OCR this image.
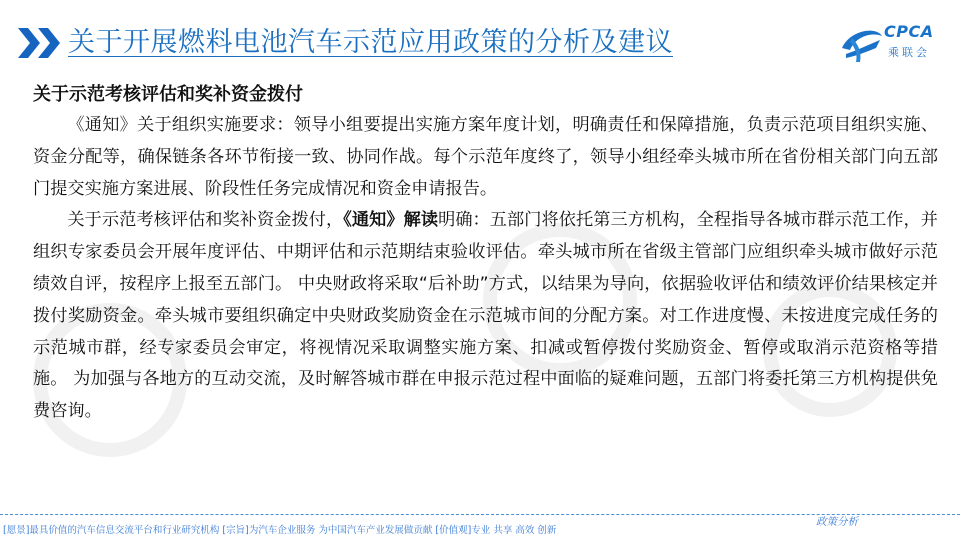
关于开展燃料电池汽车示范应用政策的分析及建议	CPCA
乘联会

关于示范考核评估和奖补资金拨付

《通知》关于组织实施要求：领导小组要提出实施方案年度计划，明确责任和保障措施，负责示范项目组织实施、资金分配等，确保链条各环节衔接一致、协同作战。每个示范年度终了，领导小组经牵头城市所在省份相关部门向五部门提交实施方案进展、阶段性任务完成情况和资金申请报告。

关于示范考核评估和奖补资金拨付，《通知》解读明确：五部门将依托第三方机构，全程指导各城市群示范工作，并组织专家委员会开展年度评估、中期评估和示范期结束验收评估。牵头城市所在省级主管部门应组织牵头城市做好示范绩效自评，按程序上报至五部门。 中央财政将采取“后补助”方式，以结果为导向，依据验收评估和绩效评价结果核定并拨付奖励资金。牵头城市要组织确定中央财政奖励资金在示范城市间的分配方案。对工作进度慢、未按进度完成任务的示范城市群，经专家委员会审定，将视情况采取调整实施方案、扣减或暂停拨付奖励资金、暂停或取消示范资格等措施。 为加强与各地方的互动交流，及时解答城市群在申报示范过程中面临的疑难问题，五部门将委托第三方机构提供免费咨询。

政策分析
[愿景]最具价值的汽车信息交流平台和行业研究机构 [宗旨]为汽车企业服务 为中国汽车产业发展做贡献 [价值观]专业 共享 高效 创新
